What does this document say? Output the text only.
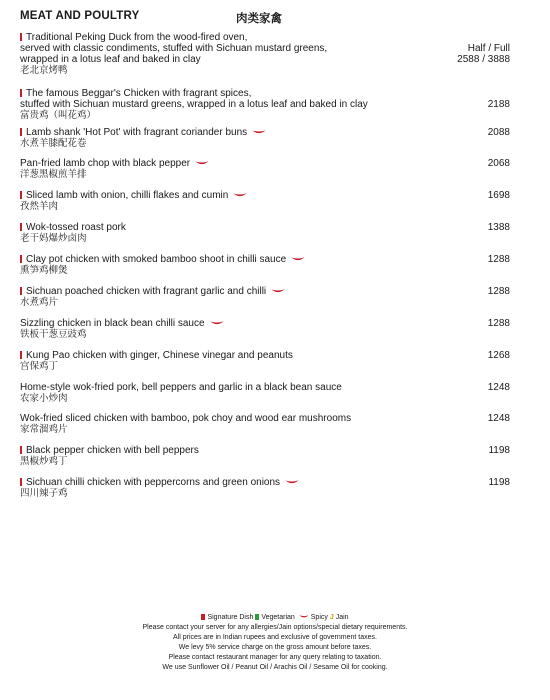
MEAT AND POULTRY	肉类家禽
Traditional Peking Duck from the wood-fired oven,
served with classic condiments, stuffed with Sichuan mustard greens,
wrapped in a lotus leaf and baked in clay
老北京烤鸭
Half / Full
2588 / 3888
The famous Beggar's Chicken with fragrant spices,
stuffed with Sichuan mustard greens, wrapped in a lotus leaf and baked in clay
富贵鸡（叫花鸡）
2188
Lamb shank 'Hot Pot' with fragrant coriander buns
水煮羊膝配花卷
2088
Pan-fried lamb chop with black pepper
洋葱黑椒煎羊排
2068
Sliced lamb with onion, chilli flakes and cumin
孜然羊肉
1698
Wok-tossed roast pork
老干妈爆炒卤肉
1388
Clay pot chicken with smoked bamboo shoot in chilli sauce
熏笋鸡柳煲
1288
Sichuan poached chicken with fragrant garlic and chilli
水煮鸡片
1288
Sizzling chicken in black bean chilli sauce
铁板干葱豆豉鸡
1288
Kung Pao chicken with ginger, Chinese vinegar and peanuts
宫保鸡丁
1268
Home-style wok-fried pork, bell peppers and garlic in a black bean sauce
农家小炒肉
1248
Wok-fried sliced chicken with bamboo, pok choy and wood ear mushrooms
家常溜鸡片
1248
Black pepper chicken with bell peppers
黑椒炒鸡丁
1198
Sichuan chilli chicken with peppercorns and green onions
四川辣子鸡
1198
Signature Dish Vegetarian Spicy J Jain
Please contact your server for any allergies/Jain options/special dietary requirements.
All prices are in Indian rupees and exclusive of government taxes.
We levy 5% service charge on the gross amount before taxes.
Please contact restaurant manager for any query relating to taxation.
We use Sunflower Oil / Peanut Oil / Arachis Oil / Sesame Oil for cooking.
